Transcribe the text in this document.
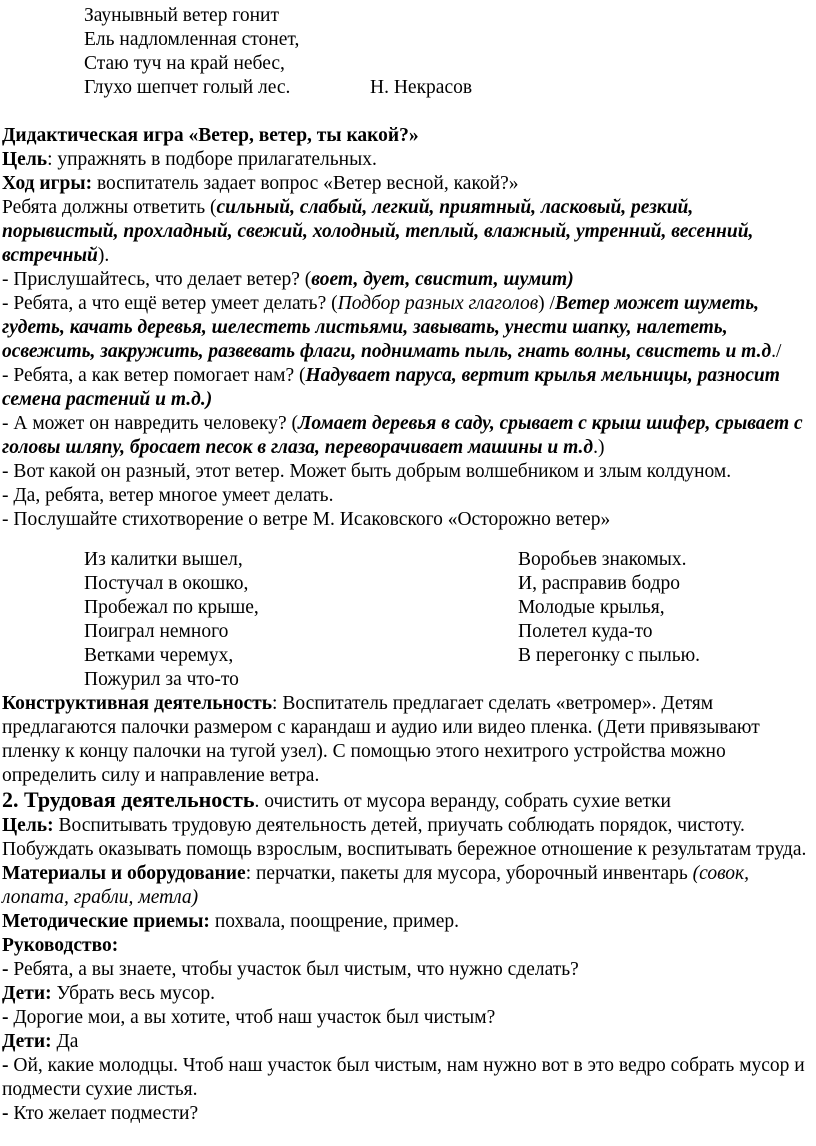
Заунывный ветер гонит
Ель надломленная стонет,
Стаю туч на край небес,
Глухо шепчет голый лес.	Н. Некрасов

Дидактическая игра «Ветер, ветер, ты какой?»

Цель: упражнять в подборе прилагательных.

Ход игры: воспитатель задает вопрос «Ветер весной, какой?»

Ребята должны ответить (сильный, слабый, легкий, приятный, ласковый, резкий, порывистый, прохладный, свежий, холодный, теплый, влажный, утренний, весенний, встречный).

- Прислушайтесь, что делает ветер? (воет, дует, свистит, шумит)

- Ребята, а что ещё ветер умеет делать? (Подбор разных глаголов) /Ветер может шуметь, гудеть, качать деревья, шелестеть листьями, завывать, унести шапку, налететь, освежить, закружить, развевать флаги, поднимать пыль, гнать волны, свистеть и т.д./

- Ребята, а как ветер помогает нам? (Надувает паруса, вертит крылья мельницы, разносит семена растений и т.д.)

- А может он навредить человеку? (Ломает деревья в саду, срывает с крыш шифер, срывает с головы шляпу, бросает песок в глаза, переворачивает машины и т.д.)

- Вот какой он разный, этот ветер. Может быть добрым волшебником и злым колдуном.

- Да, ребята, ветер многое умеет делать.

- Послушайте стихотворение о ветре М. Исаковского «Осторожно ветер»

Из калитки вышел,
Постучал в окошко,
Пробежал по крыше,
Поиграл немного
Ветками черемух,
Пожурил за что-то
Воробьев знакомых.
И, расправив бодро
Молодые крылья,
Полетел куда-то
В перегонку с пылью.

Конструктивная деятельность: Воспитатель предлагает сделать «ветромер». Детям предлагаются палочки размером с карандаш и аудио или видео пленка. (Дети привязывают пленку к концу палочки на тугой узел). С помощью этого нехитрого устройства можно определить силу и направление ветра.

2. Трудовая деятельность. очистить от мусора веранду, собрать сухие ветки

Цель: Воспитывать трудовую деятельность детей, приучать соблюдать порядок, чистоту. Побуждать оказывать помощь взрослым, воспитывать бережное отношение к результатам труда.

Материалы и оборудование: перчатки, пакеты для мусора, уборочный инвентарь (совок, лопата, грабли, метла)

Методические приемы: похвала, поощрение, пример.

Руководство:

- Ребята, а вы знаете, чтобы участок был чистым, что нужно сделать?

Дети: Убрать весь мусор.

- Дорогие мои, а вы хотите, чтоб наш участок был чистым?

Дети: Да

- Ой, какие молодцы. Чтоб наш участок был чистым, нам нужно вот в это ведро собрать мусор и подмести сухие листья.

- Кто желает подмести?
